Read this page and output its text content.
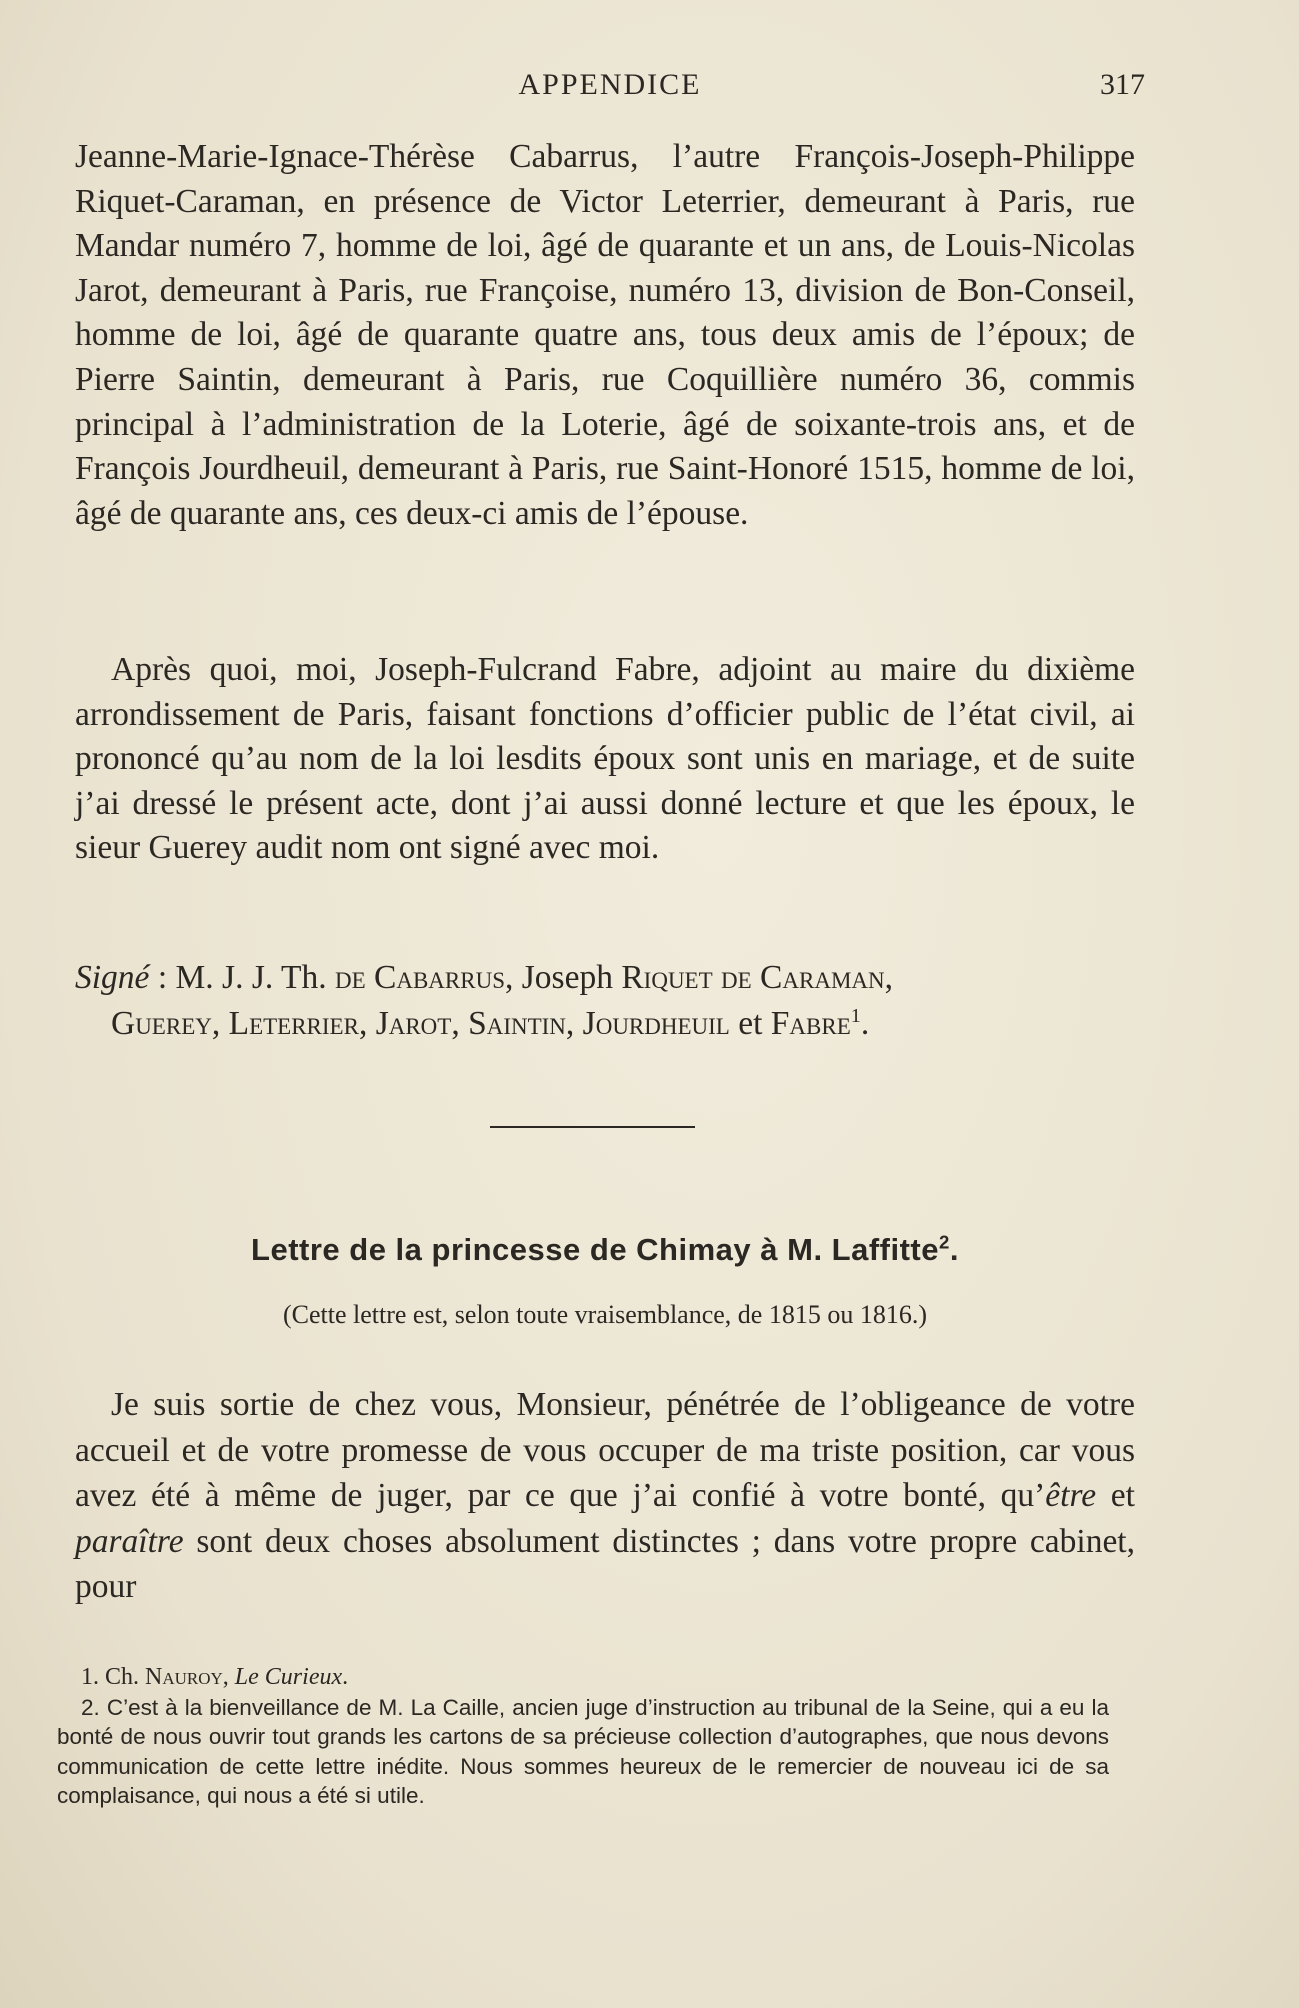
APPENDICE	317

Jeanne-Marie-Ignace-Thérèse Cabarrus, l’autre François-Joseph-Philippe Riquet-Caraman, en présence de Victor Leterrier, demeurant à Paris, rue Mandar numéro 7, homme de loi, âgé de quarante et un ans, de Louis-Nicolas Jarot, demeurant à Paris, rue Françoise, numéro 13, division de Bon-Conseil, homme de loi, âgé de quarante quatre ans, tous deux amis de l’époux; de Pierre Saintin, demeurant à Paris, rue Coquillière numéro 36, commis principal à l’administration de la Loterie, âgé de soixante-trois ans, et de François Jourdheuil, demeurant à Paris, rue Saint-Honoré 1515, homme de loi, âgé de quarante ans, ces deux-ci amis de l’épouse.

Après quoi, moi, Joseph-Fulcrand Fabre, adjoint au maire du dixième arrondissement de Paris, faisant fonctions d’officier public de l’état civil, ai prononcé qu’au nom de la loi lesdits époux sont unis en mariage, et de suite j’ai dressé le présent acte, dont j’ai aussi donné lecture et que les époux, le sieur Guerey audit nom ont signé avec moi.

Signé : M. J. J. Th. de Cabarrus, Joseph Riquet de Caraman,
Guerey, Leterrier, Jarot, Saintin, Jourdheuil et Fabre$^1$.
Lettre de la princesse de Chimay à M. Laffitte$^2$.
(Cette lettre est, selon toute vraisemblance, de 1815 ou 1816.)

Je suis sortie de chez vous, Monsieur, pénétrée de l’obligeance de votre accueil et de votre promesse de vous occuper de ma triste position, car vous avez été à même de juger, par ce que j’ai confié à votre bonté, qu’être et paraître sont deux choses absolument distinctes ; dans votre propre cabinet, pour

1. Ch. Nauroy, Le Curieux.

2. C’est à la bienveillance de M. La Caille, ancien juge d’instruction au tribunal de la Seine, qui a eu la bonté de nous ouvrir tout grands les cartons de sa précieuse collection d’autographes, que nous devons communication de cette lettre inédite. Nous sommes heureux de le remercier de nouveau ici de sa complaisance, qui nous a été si utile.
